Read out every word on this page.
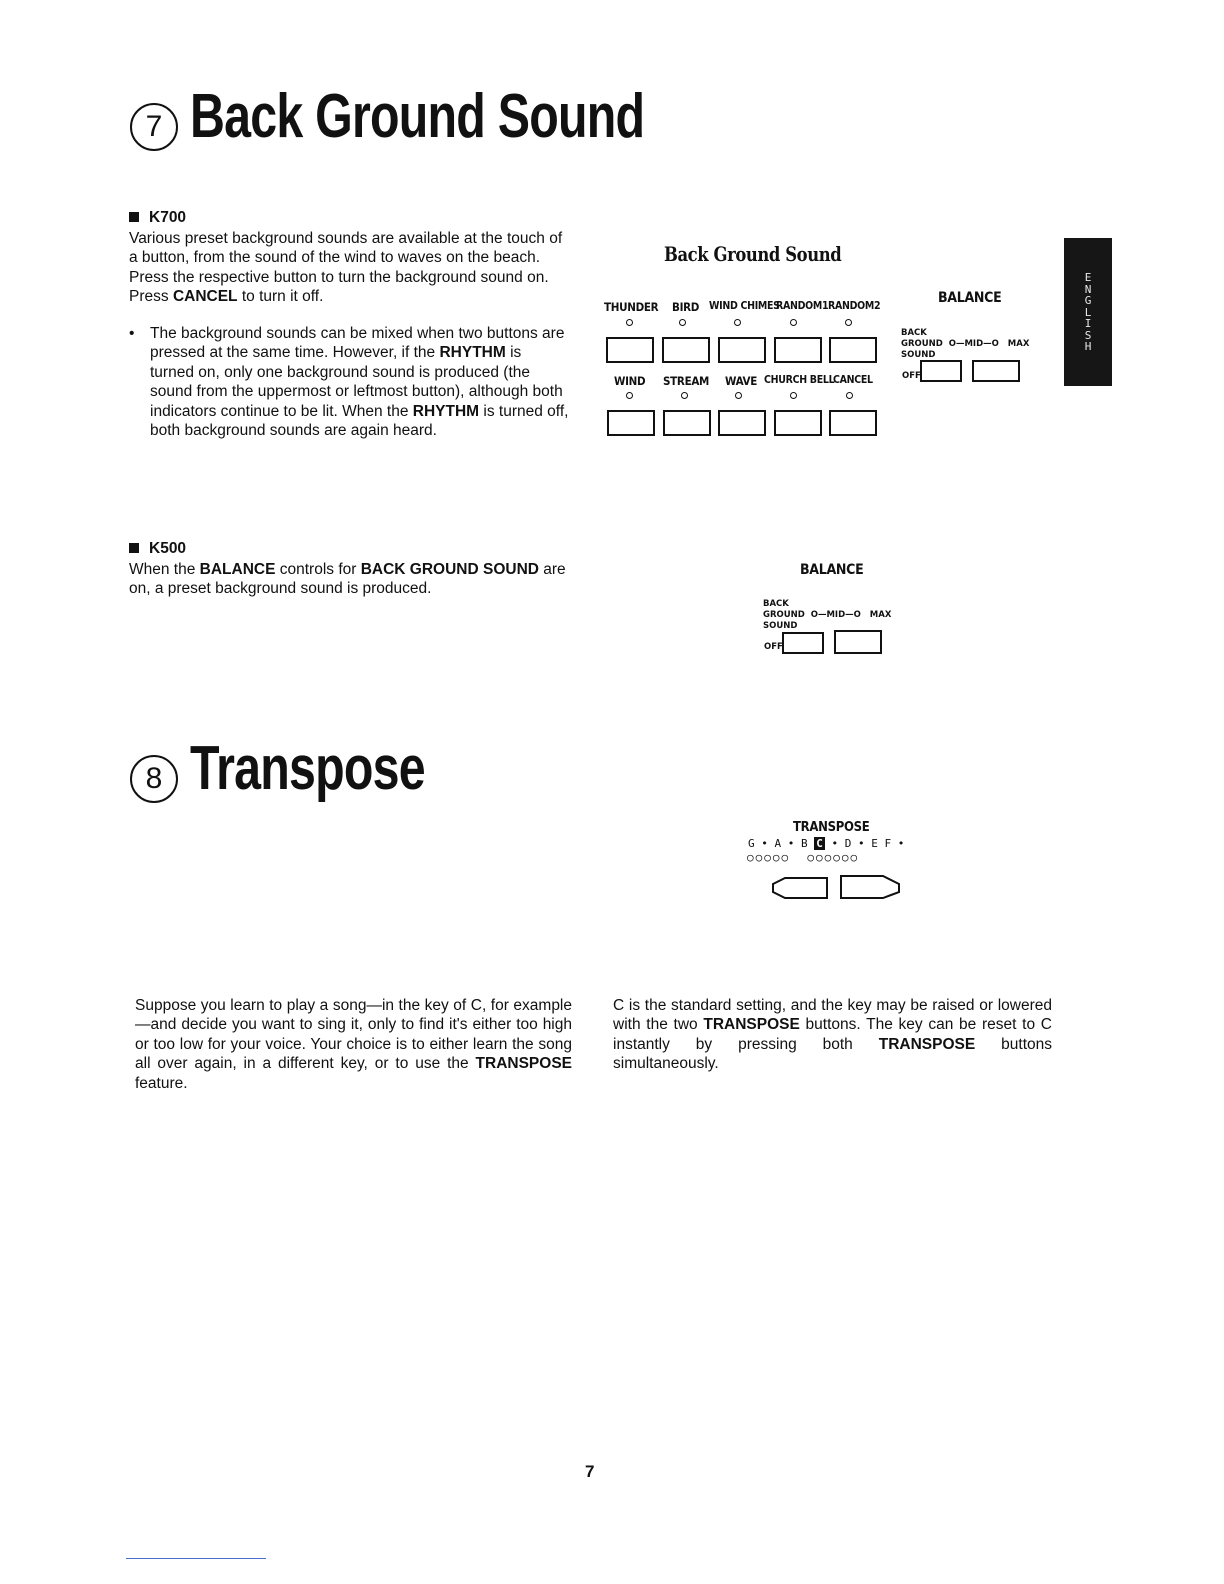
7 Back Ground Sound
K700
Various preset background sounds are available at the touch of a button, from the sound of the wind to waves on the beach. Press the respective button to turn the background sound on. Press CANCEL to turn it off.
• The background sounds can be mixed when two buttons are pressed at the same time. However, if the RHYTHM is turned on, only one background sound is produced (the sound from the uppermost or leftmost button), although both indicators continue to be lit. When the RHYTHM is turned off, both background sounds are again heard.
Back Ground Sound
THUNDER BIRD WIND CHIMES
RANDOM1 RANDOM2
WIND STREAM WAVE CHURCH BELL
CANCEL
BALANCE
BACK
GROUND O—MID—O MAX
SOUND
OFF
E
N
G
L
I
S
H
K500
When the BALANCE controls for BACK GROUND SOUND are on, a preset background sound is produced.
BALANCE
BACK
GROUND O—MID—O MAX
SOUND
OFF
8 Transpose
TRANSPOSE
G • A • B C • D • E F •
○○○○○ ○○○○○○
Suppose you learn to play a song—in the key of C, for example—and decide you want to sing it, only to find it's either too high or too low for your voice. Your choice is to either learn the song all over again, in a different key, or to use the TRANSPOSE feature.
C is the standard setting, and the key may be raised or lowered with the two TRANSPOSE buttons. The key can be reset to C instantly by pressing both TRANSPOSE buttons simultaneously.
7
